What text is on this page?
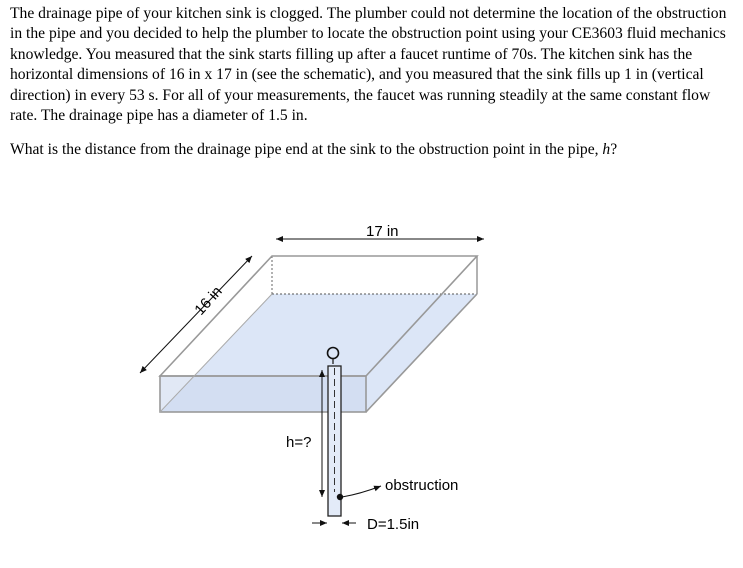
The drainage pipe of your kitchen sink is clogged. The plumber could not determine the location of the obstruction in the pipe and you decided to help the plumber to locate the obstruction point using your CE3603 fluid mechanics knowledge. You measured that the sink starts filling up after a faucet runtime of 70s. The kitchen sink has the horizontal dimensions of 16 in x 17 in (see the schematic), and you measured that the sink fills up 1 in (vertical direction) in every 53 s. For all of your measurements, the faucet was running steadily at the same constant flow rate. The drainage pipe has a diameter of 1.5 in.

What is the distance from the drainage pipe end at the sink to the obstruction point in the pipe, h?

17 in
16 in
h=?
obstruction
D=1.5in
